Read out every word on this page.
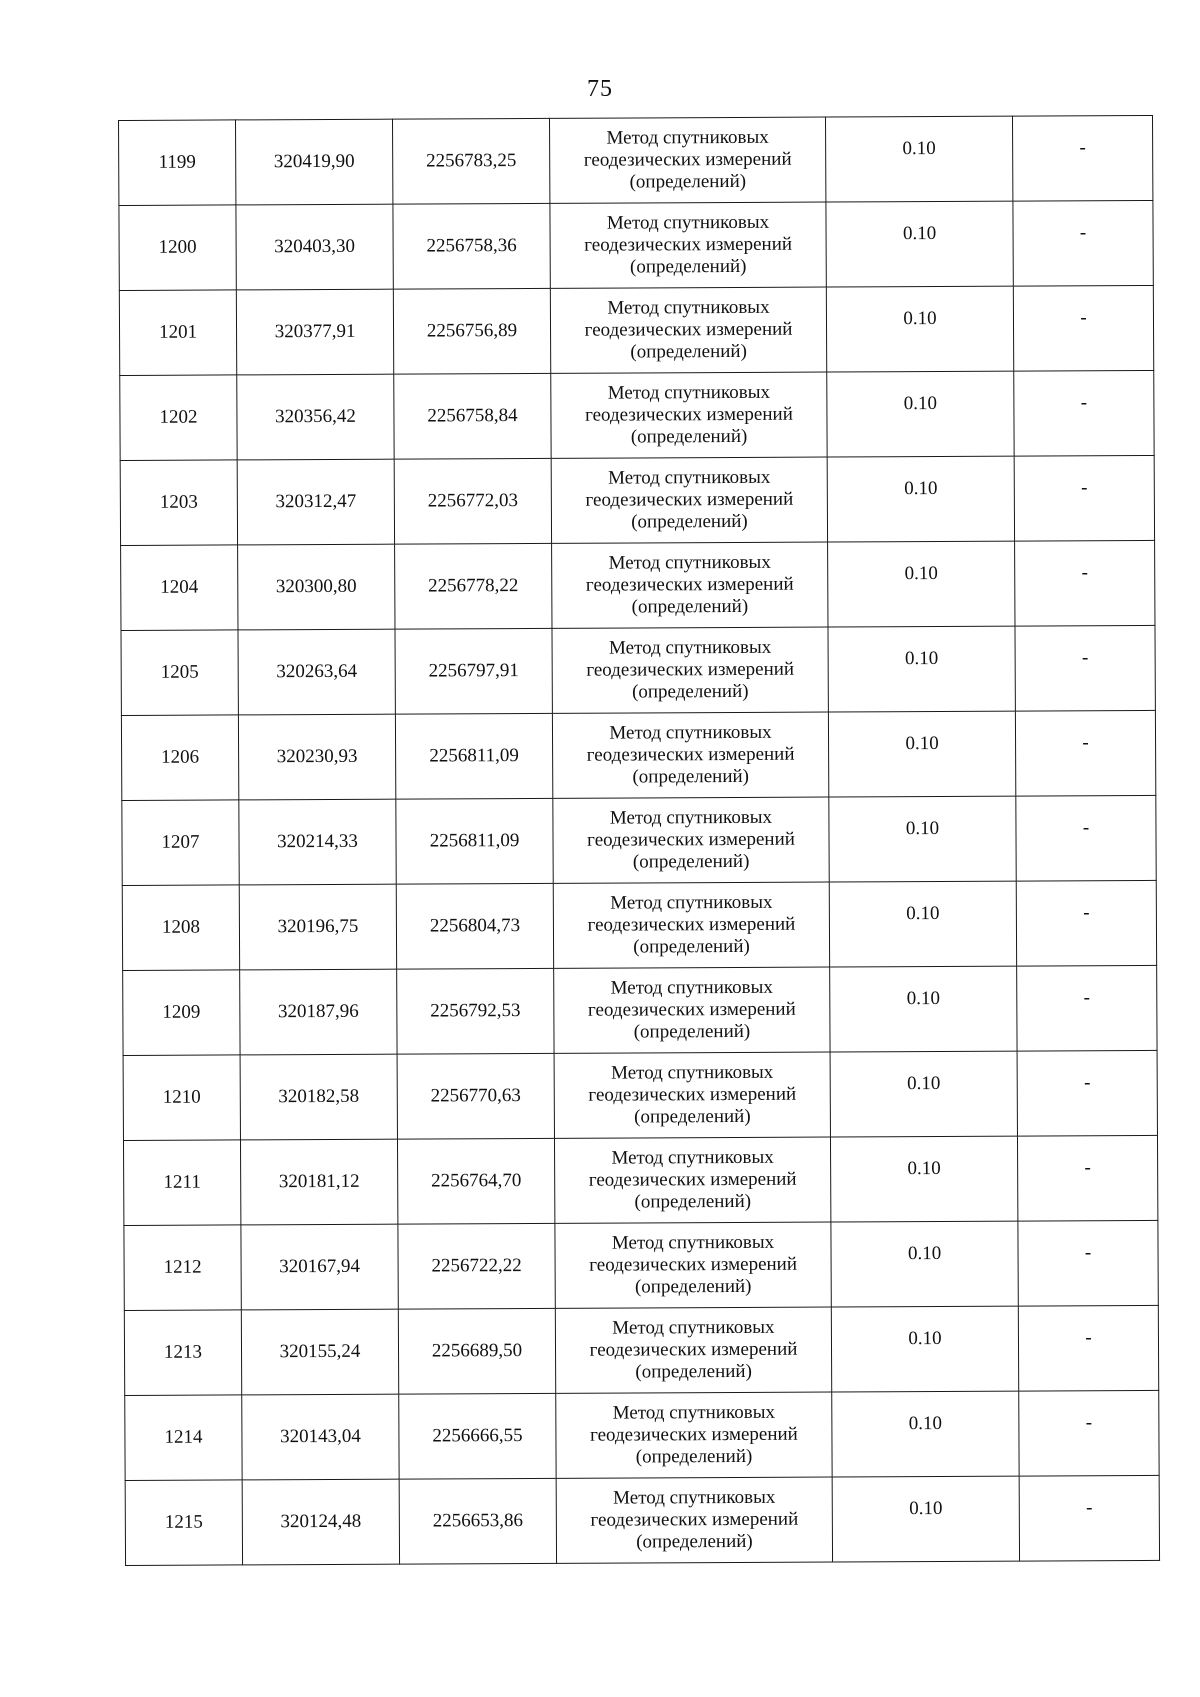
75
1199	320419,90	2256783,25	Метод спутниковых
геодезических измерений
(определений)	0.10	-
1200	320403,30	2256758,36	Метод спутниковых
геодезических измерений
(определений)	0.10	-
1201	320377,91	2256756,89	Метод спутниковых
геодезических измерений
(определений)	0.10	-
1202	320356,42	2256758,84	Метод спутниковых
геодезических измерений
(определений)	0.10	-
1203	320312,47	2256772,03	Метод спутниковых
геодезических измерений
(определений)	0.10	-
1204	320300,80	2256778,22	Метод спутниковых
геодезических измерений
(определений)	0.10	-
1205	320263,64	2256797,91	Метод спутниковых
геодезических измерений
(определений)	0.10	-
1206	320230,93	2256811,09	Метод спутниковых
геодезических измерений
(определений)	0.10	-
1207	320214,33	2256811,09	Метод спутниковых
геодезических измерений
(определений)	0.10	-
1208	320196,75	2256804,73	Метод спутниковых
геодезических измерений
(определений)	0.10	-
1209	320187,96	2256792,53	Метод спутниковых
геодезических измерений
(определений)	0.10	-
1210	320182,58	2256770,63	Метод спутниковых
геодезических измерений
(определений)	0.10	-
1211	320181,12	2256764,70	Метод спутниковых
геодезических измерений
(определений)	0.10	-
1212	320167,94	2256722,22	Метод спутниковых
геодезических измерений
(определений)	0.10	-
1213	320155,24	2256689,50	Метод спутниковых
геодезических измерений
(определений)	0.10	-
1214	320143,04	2256666,55	Метод спутниковых
геодезических измерений
(определений)	0.10	-
1215	320124,48	2256653,86	Метод спутниковых
геодезических измерений
(определений)	0.10	-
